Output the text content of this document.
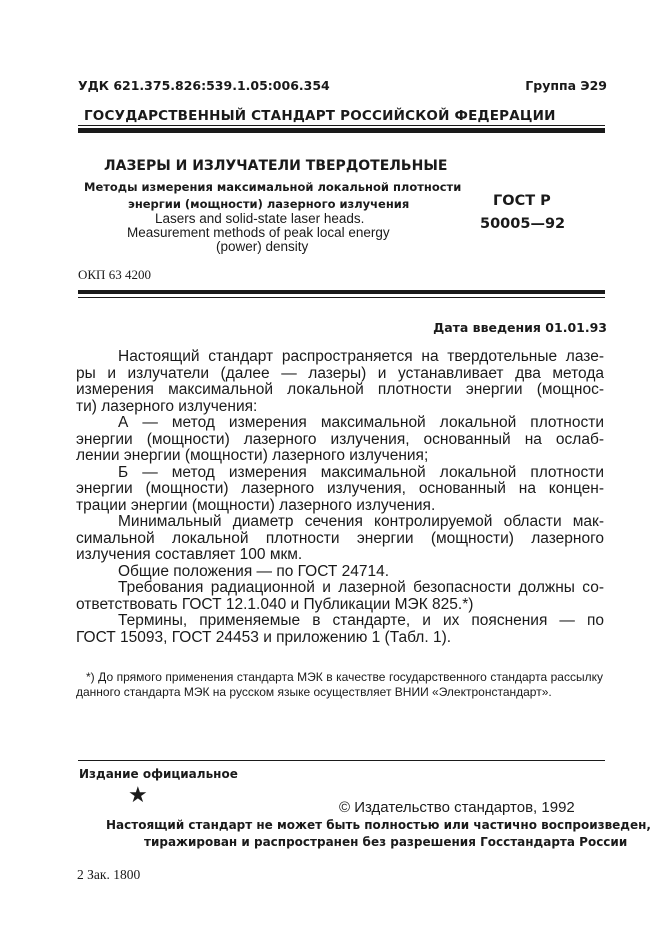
УДК 621.375.826:539.1.05:006.354	Группа Э29
ГОСУДАРСТВЕННЫЙ СТАНДАРТ РОССИЙСКОЙ ФЕДЕРАЦИИ
ЛАЗЕРЫ И ИЗЛУЧАТЕЛИ ТВЕРДОТЕЛЬНЫЕ
Методы измерения максимальной локальной плотности
энергии (мощности) лазерного излучения
Lasers and solid-state laser heads.
Measurement methods of peak local energy
(power) density
ГОСТ Р
50005—92
ОКП 63 4200
Дата введения 01.01.93

Настоящий стандарт распространяется на твердотельные лазе-

ры и излучатели (далее — лазеры) и устанавливает два метода

измерения максимальной локальной плотности энергии (мощнос-

ти) лазерного излучения:

А — метод измерения максимальной локальной плотности

энергии (мощности) лазерного излучения, основанный на ослаб-

лении энергии (мощности) лазерного излучения;

Б — метод измерения максимальной локальной плотности

энергии (мощности) лазерного излучения, основанный на концен-

трации энергии (мощности) лазерного излучения.

Минимальный диаметр сечения контролируемой области мак-

симальной локальной плотности энергии (мощности) лазерного

излучения составляет 100 мкм.

Общие положения — по ГОСТ 24714.

Требования радиационной и лазерной безопасности должны со-

ответствовать ГОСТ 12.1.040 и Публикации МЭК 825.*)

Термины, применяемые в стандарте, и их пояснения — по

ГОСТ 15093, ГОСТ 24453 и приложению 1 (Табл. 1).

*) До прямого применения стандарта МЭК в качестве государственного стандарта рассылку данного стандарта МЭК на русском языке осуществляет ВНИИ «Электронстандарт».

Издание официальное
★	© Издательство стандартов, 1992
Настоящий стандарт не может быть полностью или частично воспроизведен,
тиражирован и распространен без разрешения Госстандарта России
2 Зак. 1800
